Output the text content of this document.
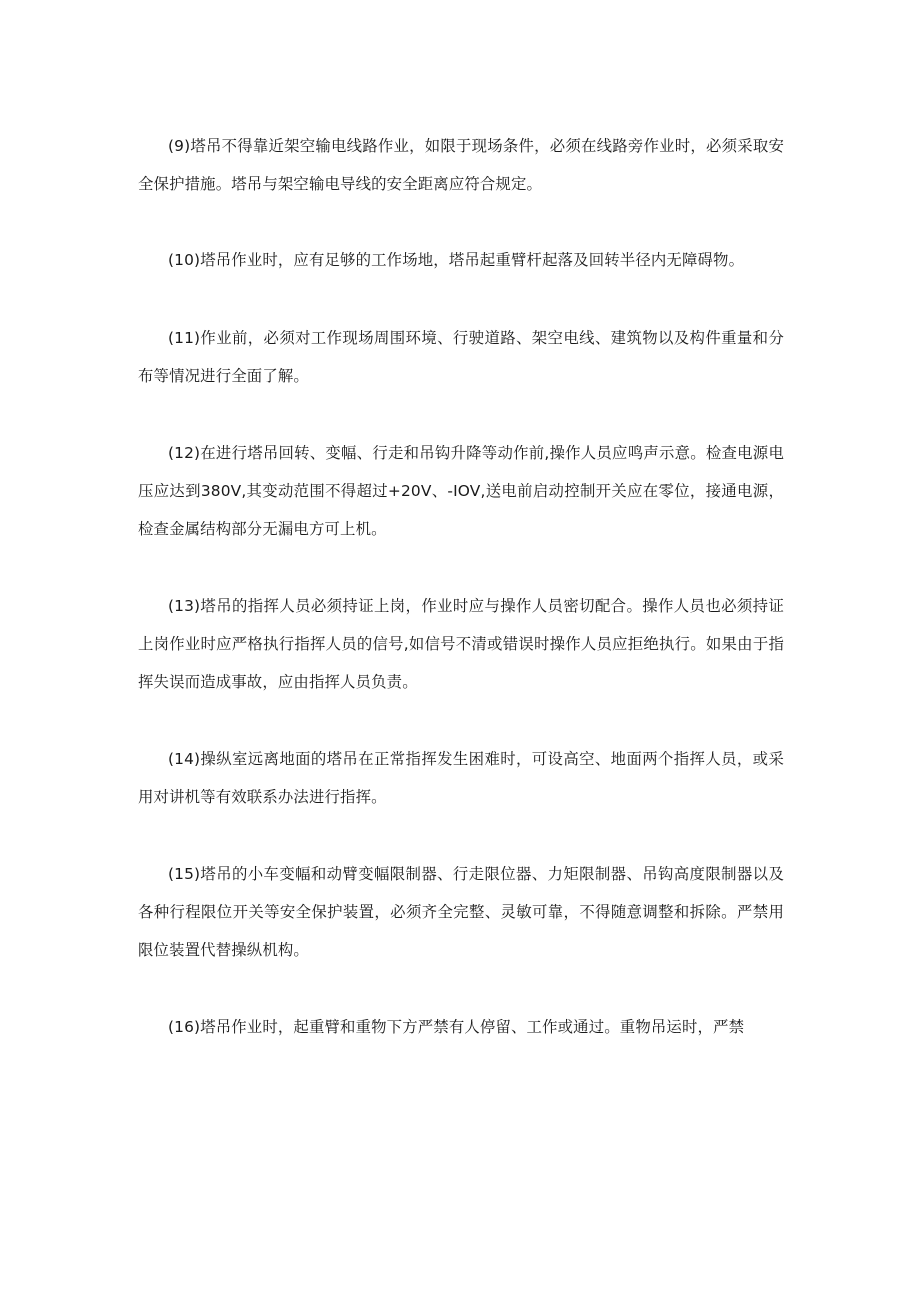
(9)塔吊不得靠近架空输电线路作业，如限于现场条件，必须在线路旁作业时，必须采取安全保护措施。塔吊与架空输电导线的安全距离应符合规定。

(10)塔吊作业时，应有足够的工作场地，塔吊起重臂杆起落及回转半径内无障碍物。

(11)作业前，必须对工作现场周围环境、行驶道路、架空电线、建筑物以及构件重量和分布等情况进行全面了解。

(12)在进行塔吊回转、变幅、行走和吊钩升降等动作前,操作人员应鸣声示意。检查电源电压应达到380V,其变动范围不得超过+20V、-IOV,送电前启动控制开关应在零位，接通电源，检查金属结构部分无漏电方可上机。

(13)塔吊的指挥人员必须持证上岗，作业时应与操作人员密切配合。操作人员也必须持证上岗作业时应严格执行指挥人员的信号,如信号不清或错误时操作人员应拒绝执行。如果由于指挥失误而造成事故，应由指挥人员负责。

(14)操纵室远离地面的塔吊在正常指挥发生困难时，可设高空、地面两个指挥人员，或采用对讲机等有效联系办法进行指挥。

(15)塔吊的小车变幅和动臂变幅限制器、行走限位器、力矩限制器、吊钩高度限制器以及各种行程限位开关等安全保护装置，必须齐全完整、灵敏可靠，不得随意调整和拆除。严禁用限位装置代替操纵机构。

(16)塔吊作业时，起重臂和重物下方严禁有人停留、工作或通过。重物吊运时，严禁
